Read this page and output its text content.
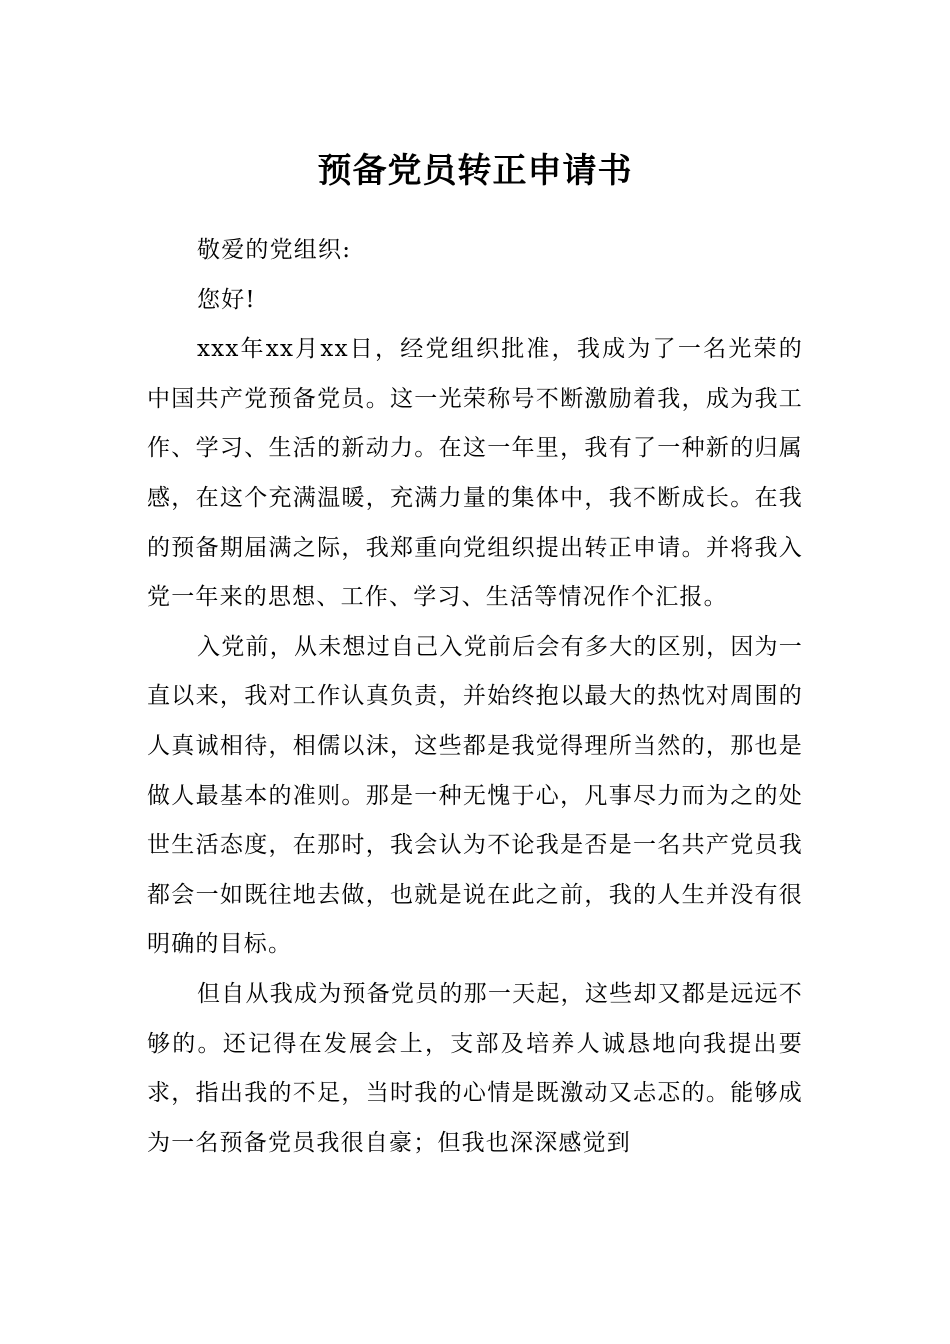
预备党员转正申请书

敬爱的党组织:

您好!

xxx年xx月xx日，经党组织批准，我成为了一名光荣的中国共产党预备党员。这一光荣称号不断激励着我，成为我工作、学习、生活的新动力。在这一年里，我有了一种新的归属感，在这个充满温暖，充满力量的集体中，我不断成长。在我的预备期届满之际，我郑重向党组织提出转正申请。并将我入党一年来的思想、工作、学习、生活等情况作个汇报。

入党前，从未想过自己入党前后会有多大的区别，因为一直以来，我对工作认真负责，并始终抱以最大的热忱对周围的人真诚相待，相儒以沫，这些都是我觉得理所当然的，那也是做人最基本的准则。那是一种无愧于心，凡事尽力而为之的处世生活态度，在那时，我会认为不论我是否是一名共产党员我都会一如既往地去做，也就是说在此之前，我的人生并没有很明确的目标。

但自从我成为预备党员的那一天起，这些却又都是远远不够的。还记得在发展会上，支部及培养人诚恳地向我提出要求，指出我的不足，当时我的心情是既激动又忐忑的。能够成为一名预备党员我很自豪；但我也深深感觉到
